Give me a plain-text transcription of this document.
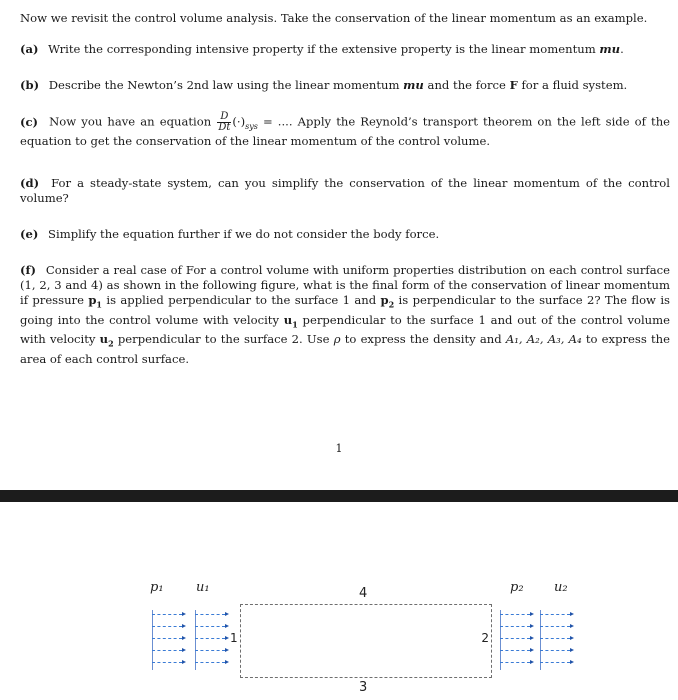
Now we revisit the control volume analysis. Take the conservation of the linear momentum as an example.
(a) Write the corresponding intensive property if the extensive property is the linear momentum mu.
(b) Describe the Newton’s 2nd law using the linear momentum mu and the force F for a fluid system.
(c) Now you have an equation $\frac{D}{Dt} (\cdot)_{sys}$ = .... Apply the Reynold’s transport theorem on the left side of the equation to get the conservation of the linear momentum of the control volume.
(d) For a steady-state system, can you simplify the conservation of the linear momentum of the control volume?
(e) Simplify the equation further if we do not consider the body force.
(f) Consider a real case of For a control volume with uniform properties distribution on each control surface (1, 2, 3 and 4) as shown in the following figure, what is the final form of the conservation of linear momentum if pressure $p_1$ is applied perpendicular to the surface 1 and $p_2$ is perpendicular to the surface 2? The flow is going into the control volume with velocity $u_1$ perpendicular to the surface 1 and out of the control volume with velocity $u_2$ perpendicular to the surface 2. Use ρ to express the density and A₁, A₂, A₃, A₄ to express the area of each control surface.
1
p₁ u₁	p₂ u₂
4
3
1	2
